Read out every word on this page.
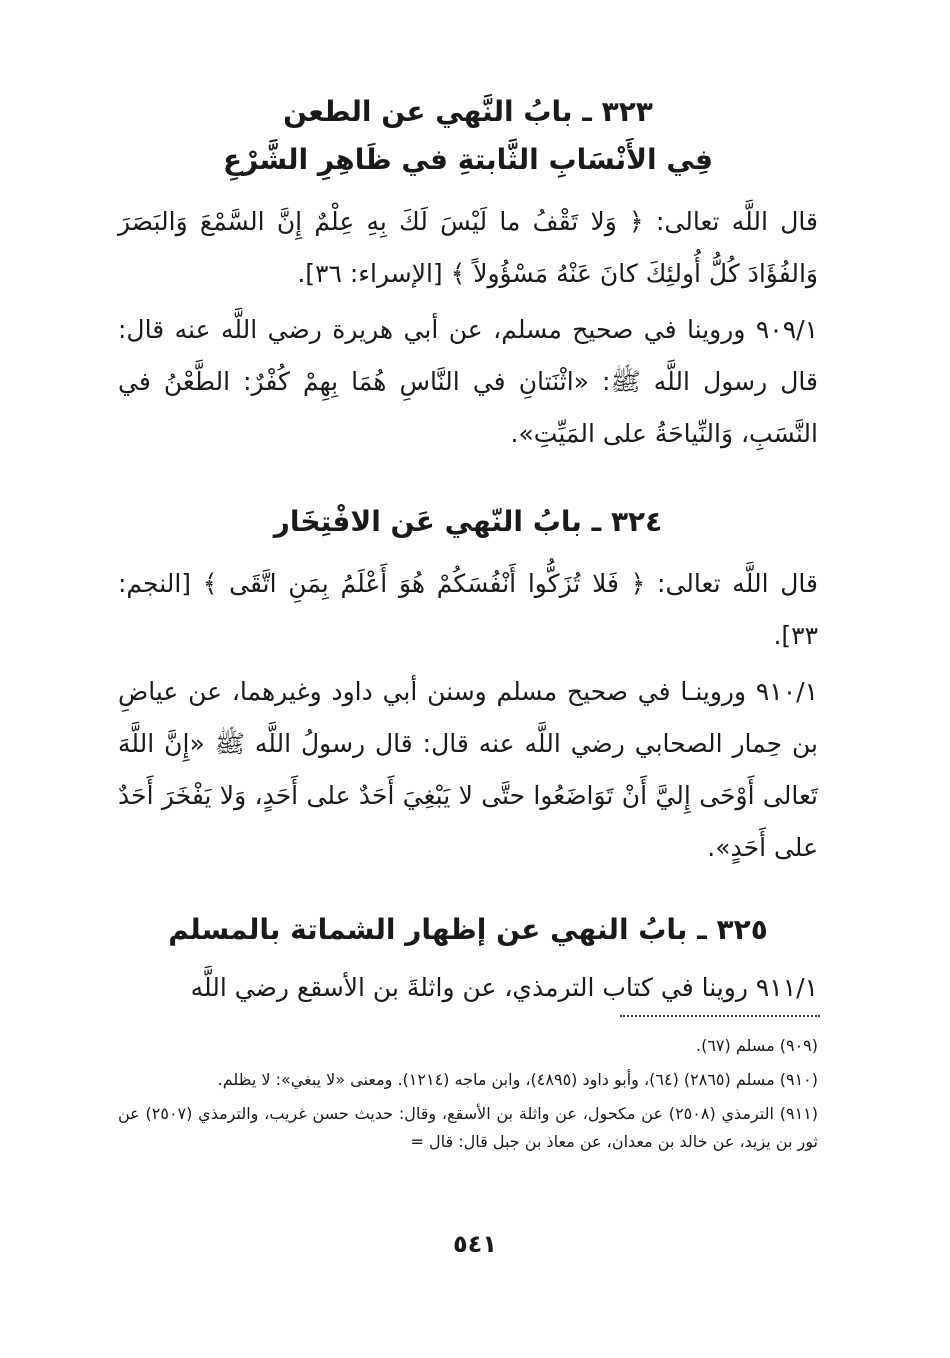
٣٢٣ ـ بابُ النَّهي عن الطعن
فِي الأَنْسَابِ الثَّابتةِ في ظَاهِرِ الشَّرْعِ
قال اللَّه تعالى: ﴿ وَلا تَقْفُ ما لَيْسَ لَكَ بِهِ عِلْمٌ إِنَّ السَّمْعَ وَالبَصَرَ وَالفُؤَادَ كُلُّ أُولئِكَ كانَ عَنْهُ مَسْؤُولاً ﴾ [الإسراء: ٣٦].
٩٠٩/١ وروينا في صحيح مسلم، عن أبي هريرة رضي اللَّه عنه قال: قال رسول اللَّه ﷺ: «اثْنَتانِ في النَّاسِ هُمَا بِهِمْ كُفْرٌ: الطَّعْنُ في النَّسَبِ، وَالنِّياحَةُ على المَيِّتِ».
٣٢٤ ـ بابُ النّهي عَن الافْتِخَار
قال اللَّه تعالى: ﴿ فَلا تُزَكُّوا أَنْفُسَكُمْ هُوَ أَعْلَمُ بِمَنِ اتَّقَى ﴾ [النجم: ٣٣].
٩١٠/١ وروينـا في صحيح مسلم وسنن أبي داود وغيرهما، عن عياضِ بن حِمار الصحابي رضي اللَّه عنه قال: قال رسولُ اللَّه ﷺ «إِنَّ اللَّهَ تَعالى أَوْحَى إِليَّ أَنْ تَوَاضَعُوا حتَّى لا يَبْغِيَ أَحَدٌ على أَحَدٍ، وَلا يَفْخَرَ أَحَدٌ على أَحَدٍ».
٣٢٥ ـ بابُ النهي عن إظهار الشماتة بالمسلم
٩١١/١ روينا في كتاب الترمذي، عن واثلةَ بن الأسقع رضي اللَّه

(٩٠٩) مسلم (٦٧).

(٩١٠) مسلم (٢٨٦٥) (٦٤)، وأبو داود (٤٨٩٥)، وابن ماجه (١٢١٤). ومعنى «لا يبغي»: لا يظلم.

(٩١١) الترمذي (٢٥٠٨) عن مكحول، عن واثلة بن الأسقع، وقال: حديث حسن غريب، والترمذي (٢٥٠٧) عن ثور بن يزيد، عن خالد بن معدان، عن معاذ بن جبل قال: قال =

٥٤١
